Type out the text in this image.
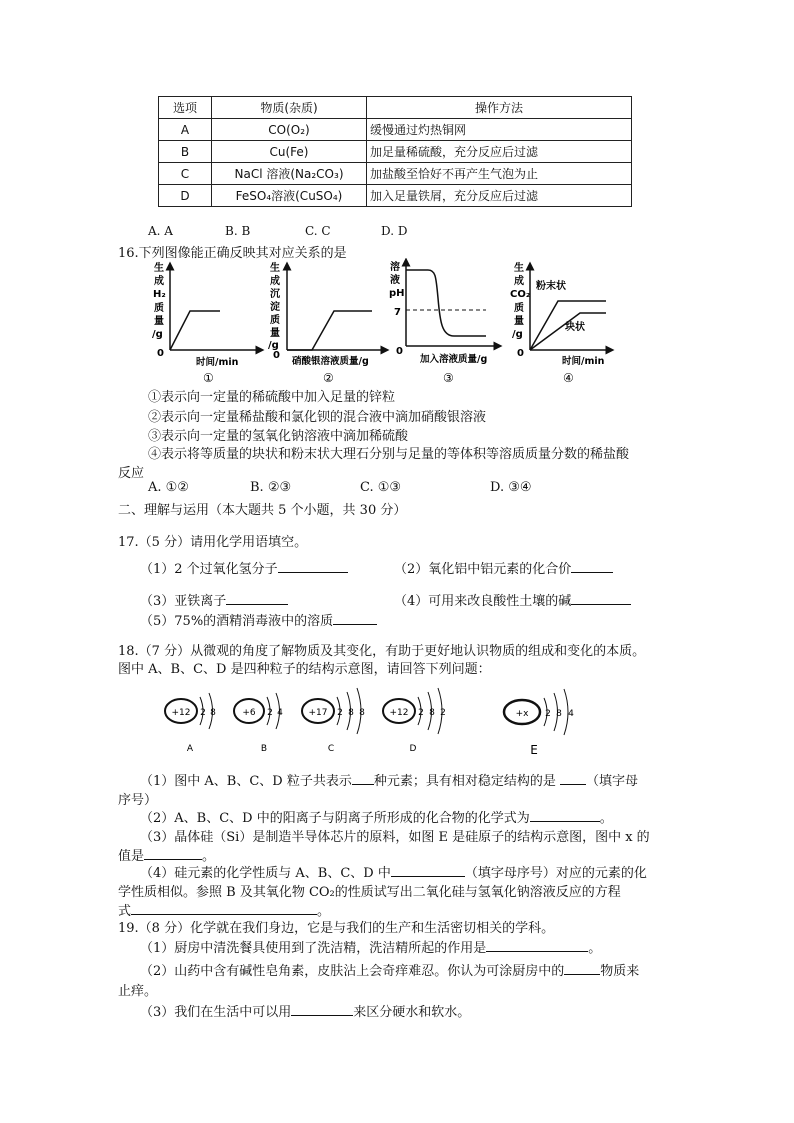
选项	物质(杂质)	操作方法
A	CO(O₂)	缓慢通过灼热铜网
B	Cu(Fe)	加足量稀硫酸，充分反应后过滤
C	NaCl 溶液(Na₂CO₃)	加盐酸至恰好不再产生气泡为止
D	FeSO₄溶液(CuSO₄)	加入足量铁屑，充分反应后过滤
A. A	B. B	C. C	D. D
16.下列图像能正确反映其对应关系的是
生
成
H₂
质
量
/g
0
时间/min
①
生
成
沉
淀
质
量
/g
0
硝酸银溶液质量/g
②
溶
液
pH
7
0
加入溶液质量/g
③
生
成
CO₂
质
量
/g
0
粉末状
块状
时间/min
④
①表示向一定量的稀硫酸中加入足量的锌粒
②表示向一定量稀盐酸和氯化钡的混合液中滴加硝酸银溶液
③表示向一定量的氢氧化钠溶液中滴加稀硫酸
④表示将等质量的块状和粉末状大理石分别与足量的等体积等溶质质量分数的稀盐酸
反应
A. ①②	B. ②③	C. ①③	D. ③④
二、理解与运用（本大题共 5 个小题，共 30 分）
17.（5 分）请用化学用语填空。
（1）2 个过氧化氢分子	（2）氧化铝中铝元素的化合价
（3）亚铁离子	（4）可用来改良酸性土壤的碱
（5）75%的酒精消毒液中的溶质
18.（7 分）从微观的角度了解物质及其变化，有助于更好地认识物质的组成和变化的本质。
图中 A、B、C、D 是四种粒子的结构示意图，请回答下列问题：
+12 2 8
A
+6 2 4
B
+17 2 8 8
C
+12 2 8 2
D
+x 2 8 4
E
（1）图中 A、B、C、D 粒子共表示 种元素；具有相对稳定结构的是 （填字母
序号）
（2）A、B、C、D 中的阳离子与阴离子所形成的化合物的化学式为	。
（3）晶体硅（Si）是制造半导体芯片的原料，如图 E 是硅原子的结构示意图，图中 x 的
值是	。
（4）硅元素的化学性质与 A、B、C、D 中	（填字母序号）对应的元素的化
学性质相似。参照 B 及其氧化物 CO₂的性质试写出二氧化硅与氢氧化钠溶液反应的方程
式	。
19.（8 分）化学就在我们身边，它是与我们的生产和生活密切相关的学科。
（1）厨房中清洗餐具使用到了洗洁精，洗洁精所起的作用是	。
（2）山药中含有碱性皂角素，皮肤沾上会奇痒难忍。你认为可涂厨房中的	物质来
止痒。
（3）我们在生活中可以用	来区分硬水和软水。
